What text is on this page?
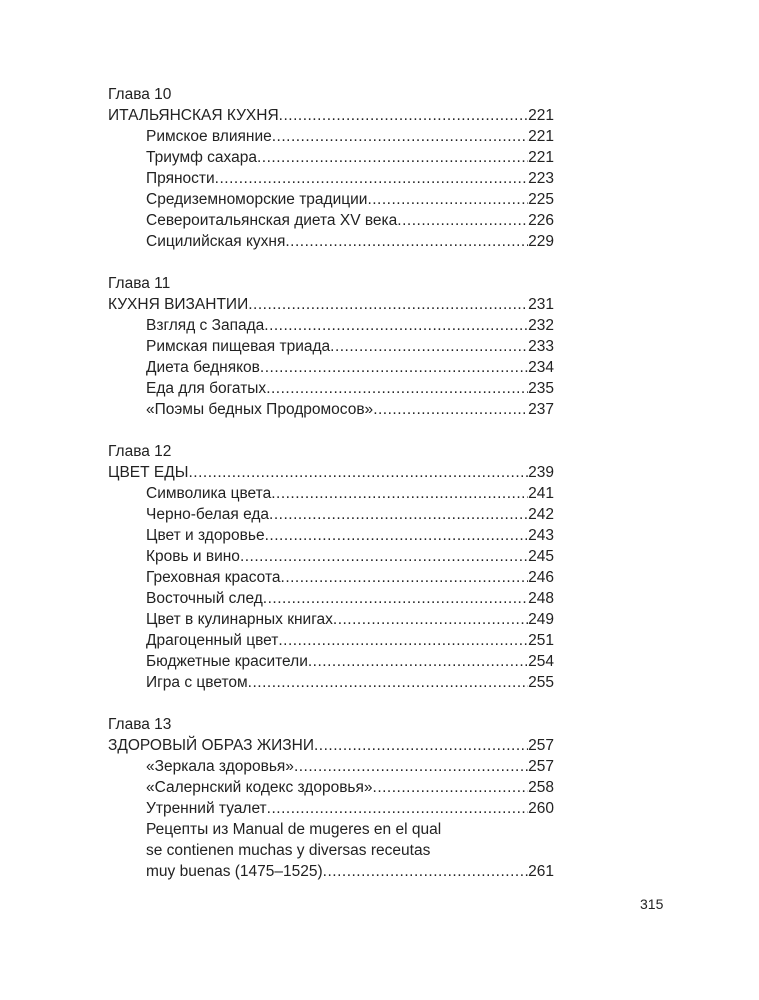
Глава 10
ИТАЛЬЯНСКАЯ КУХНЯ .....	221
Римское влияние .....	221
Триумф сахара .....	221
Пряности .....	223
Средиземноморские традиции .....	225
Североитальянская диета XV века .....	226
Сицилийская кухня .....	229
Глава 11
КУХНЯ ВИЗАНТИИ .....	231
Взгляд с Запада .....	232
Римская пищевая триада .....	233
Диета бедняков .....	234
Еда для богатых .....	235
«Поэмы бедных Продромосов» .....	237
Глава 12
ЦВЕТ ЕДЫ .....	239
Символика цвета .....	241
Черно-белая еда .....	242
Цвет и здоровье .....	243
Кровь и вино .....	245
Греховная красота .....	246
Восточный след .....	248
Цвет в кулинарных книгах .....	249
Драгоценный цвет .....	251
Бюджетные красители .....	254
Игра с цветом .....	255
Глава 13
ЗДОРОВЫЙ ОБРАЗ ЖИЗНИ .....	257
«Зеркала здоровья» .....	257
«Салернский кодекс здоровья» .....	258
Утренний туалет .....	260
Рецепты из Manual de mugeres en el qual
se contienen muchas y diversas receutas
muy buenas (1475–1525) .....	261
315
